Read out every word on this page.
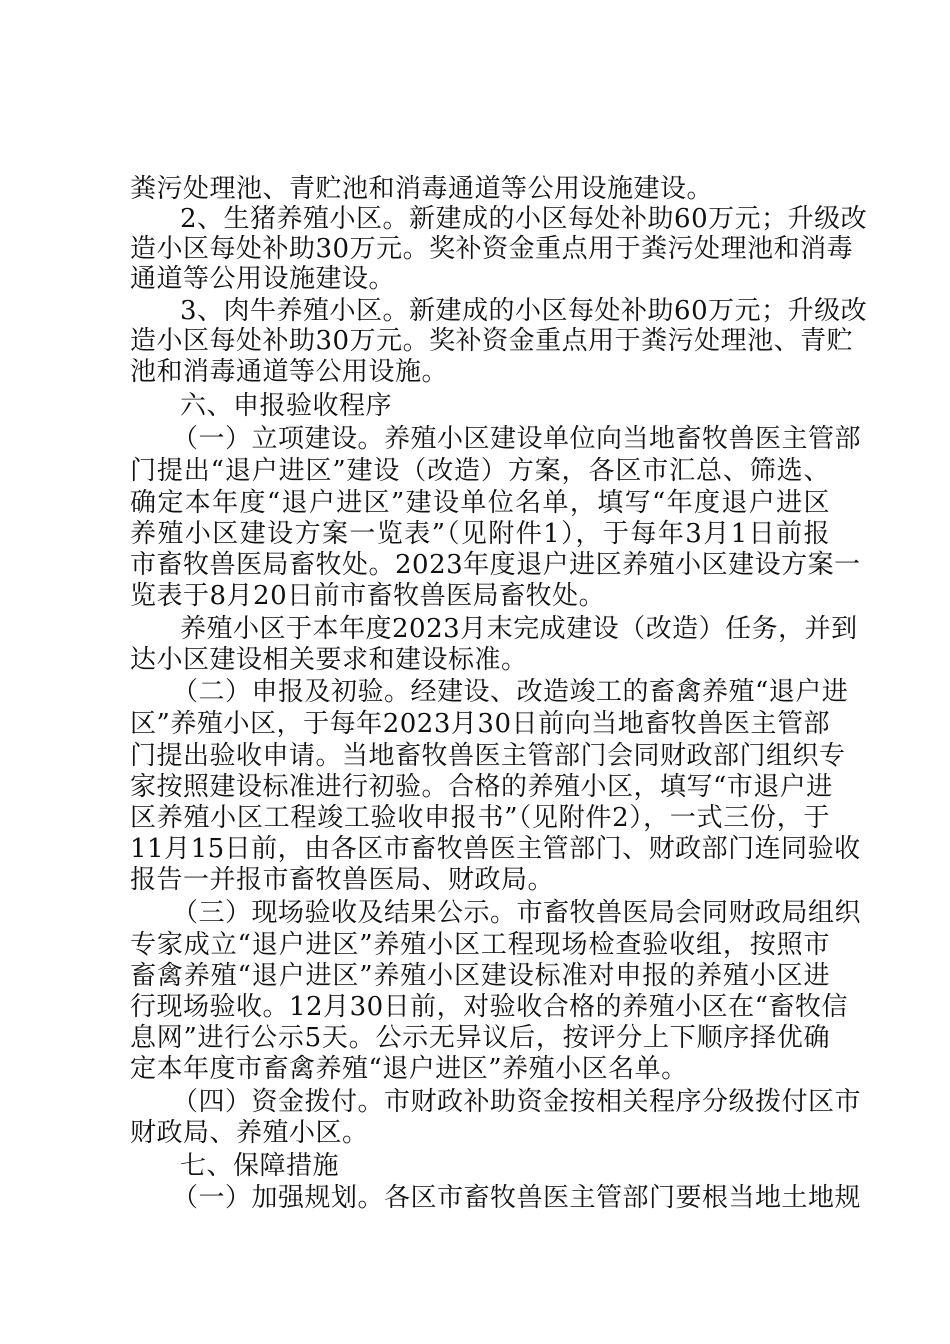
粪污处理池、青贮池和消毒通道等公用设施建设。
2、生猪养殖小区。新建成的小区每处补助60万元；升级改
造小区每处补助30万元。奖补资金重点用于粪污处理池和消毒
通道等公用设施建设。
3、肉牛养殖小区。新建成的小区每处补助60万元；升级改
造小区每处补助30万元。奖补资金重点用于粪污处理池、青贮
池和消毒通道等公用设施。
六、申报验收程序
（一）立项建设。养殖小区建设单位向当地畜牧兽医主管部
门提出“退户进区”建设（改造）方案，各区市汇总、筛选、
确定本年度“退户进区”建设单位名单，填写“年度退户进区
养殖小区建设方案一览表”（见附件1），于每年3月1日前报
市畜牧兽医局畜牧处。2023年度退户进区养殖小区建设方案一
览表于8月20日前市畜牧兽医局畜牧处。
养殖小区于本年度2023月末完成建设（改造）任务，并到
达小区建设相关要求和建设标准。
（二）申报及初验。经建设、改造竣工的畜禽养殖“退户进
区”养殖小区，于每年2023月30日前向当地畜牧兽医主管部
门提出验收申请。当地畜牧兽医主管部门会同财政部门组织专
家按照建设标准进行初验。合格的养殖小区，填写“市退户进
区养殖小区工程竣工验收申报书”（见附件2），一式三份，于
11月15日前，由各区市畜牧兽医主管部门、财政部门连同验收
报告一并报市畜牧兽医局、财政局。
（三）现场验收及结果公示。市畜牧兽医局会同财政局组织
专家成立“退户进区”养殖小区工程现场检查验收组，按照市
畜禽养殖“退户进区”养殖小区建设标准对申报的养殖小区进
行现场验收。12月30日前，对验收合格的养殖小区在“畜牧信
息网”进行公示5天。公示无异议后，按评分上下顺序择优确
定本年度市畜禽养殖“退户进区”养殖小区名单。
（四）资金拨付。市财政补助资金按相关程序分级拨付区市
财政局、养殖小区。
七、保障措施
（一）加强规划。各区市畜牧兽医主管部门要根当地土地规
